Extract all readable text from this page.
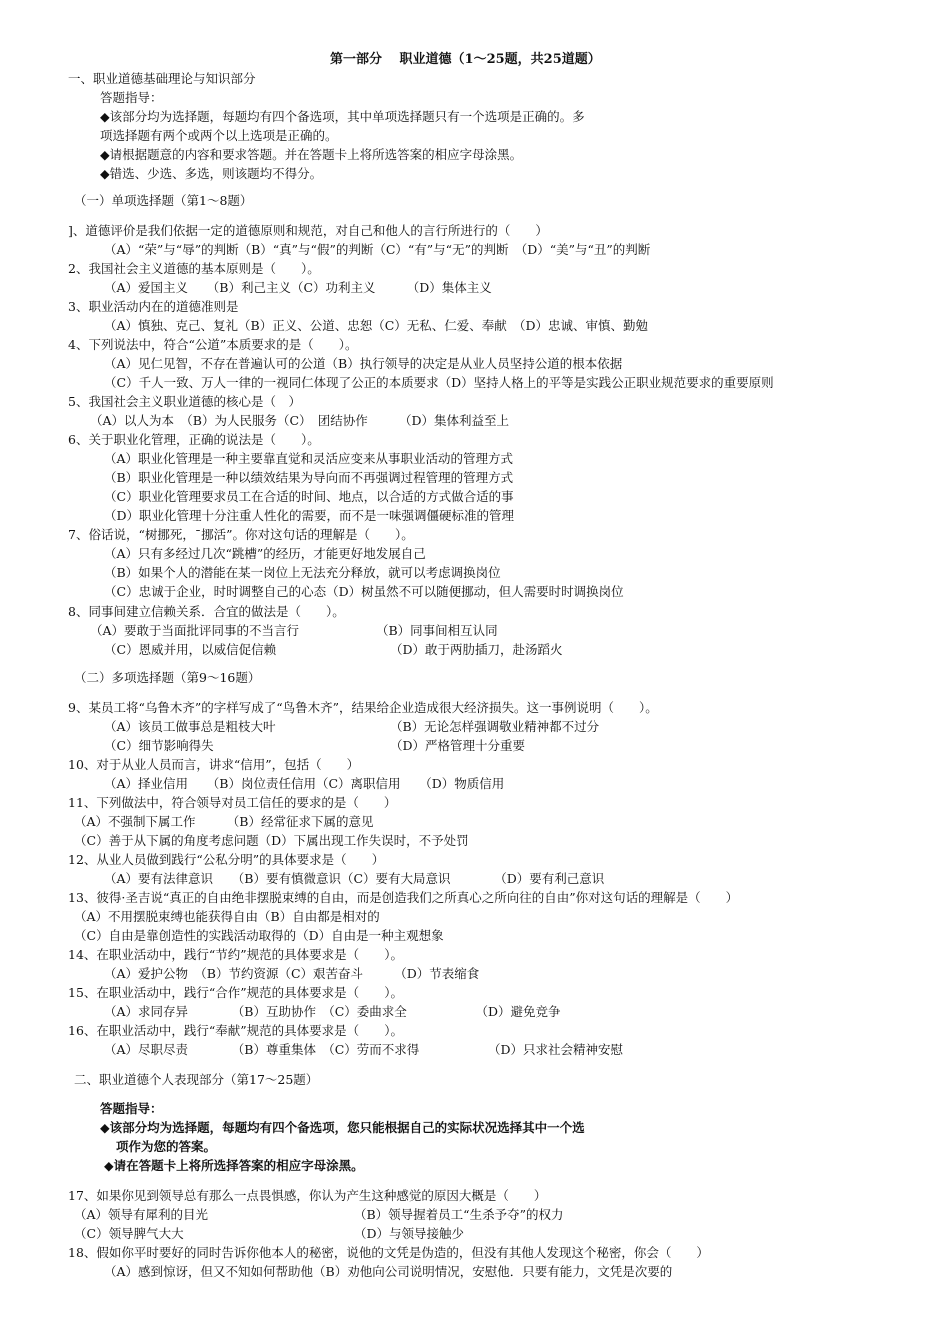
第一部分　 职业道德（1～25题，共25道题）
一、职业道德基础理论与知识部分
答题指导：
◆该部分均为选择题，每题均有四个备选项，其中单项选择题只有一个选项是正确的。多
项选择题有两个或两个以上选项是正确的。
◆请根据题意的内容和要求答题。并在答题卡上将所选答案的相应字母涂黑。
◆错选、少选、多选，则该题均不得分。
（一）单项选择题（第1～8题）
]、道德评价是我们依据一定的道德原则和规范，对自己和他人的言行所进行的（　　）
（A）“荣”与“辱”的判断（B）“真”与“假”的判断（C）“有”与“无”的判断　（D）“美”与“丑”的判断
2、我国社会主义道德的基本原则是（　　）。
（A）爱国主义　　（B）利己主义（C）功利主义　　　（D）集体主义
3、职业活动内在的道德准则是
（A）慎独、克己、复礼（B）正义、公道、忠恕（C）无私、仁爱、奉献　（D）忠诚、审慎、勤勉
4、下列说法中，符合“公道”本质要求的是（　　）。
（A）见仁见智，不存在普遍认可的公道（B）执行领导的决定是从业人员坚持公道的根本依据
（C）千人一致、万人一律的一视同仁体现了公正的本质要求（D）坚持人格上的平等是实践公正职业规范要求的重要原则
5、我国社会主义职业道德的核心是（　）
（A）以人为本　（B）为人民服务（C）　团结协作　　　（D）集体利益至上
6、关于职业化管理，正确的说法是（　　）。
（A）职业化管理是一种主要靠直觉和灵活应变来从事职业活动的管理方式
（B）职业化管理是一种以绩效结果为导向而不再强调过程管理的管理方式
（C）职业化管理要求员工在合适的时间、地点，以合适的方式做合适的事
（D）职业化管理十分注重人性化的需要，而不是一味强调僵硬标准的管理
7、俗话说，“树挪死，ˉ挪活”。你对这句话的理解是（　　）。
（A）只有多经过几次“跳槽”的经历，才能更好地发展自己
（B）如果个人的潜能在某一岗位上无法充分释放，就可以考虑调换岗位
（C）忠诚于企业，时时调整自己的心态（D）树虽然不可以随便挪动，但人需要时时调换岗位
8、同事间建立信赖关系．合宜的做法是（　　）。
（A）要敢于当面批评同事的不当言行	（B）同事间相互认同
（C）恩威并用，以威信促信赖	（D）敢于两肋插刀，赴汤蹈火
（二）多项选择题（第9～16题）
9、某员工将“乌鲁木齐”的字样写成了“鸟鲁木齐”，结果给企业造成很大经济损失。这一事例说明（　　）。
（A）该员工做事总是粗枝大叶	（B）无论怎样强调敬业精神都不过分
（C）细节影响得失	（D）严格管理十分重要
10、对于从业人员而言，讲求“信用”，包括（　　）
（A）择业信用　　（B）岗位责任信用（C）离职信用　　（D）物质信用
11、下列做法中，符合领导对员工信任的要求的是（　　）
（A）不强制下属工作　　　（B）经常征求下属的意见
（C）善于从下属的角度考虑问题（D）下属出现工作失误时，不予处罚
12、从业人员做到践行“公私分明”的具体要求是（　　）
（A）要有法律意识　　（B）要有慎微意识（C）要有大局意识　　　　（D）要有利己意识
13、彼得·圣吉说“真正的自由绝非摆脱束缚的自由，而是创造我们之所真心之所向往的自由”你对这句话的理解是（　　）
（A）不用摆脱束缚也能获得自由（B）自由都是相对的
（C）自由是靠创造性的实践活动取得的（D）自由是一种主观想象
14、在职业活动中，践行“节约”规范的具体要求是（　　）。
（A）爱护公物　（B）节约资源（C）艰苦奋斗　　　（D）节表缩食
15、在职业活动中，践行“合作”规范的具体要求是（　　）。
（A）求同存异　　　　（B）互助协作　（C）委曲求全　　　　　　（D）避免竞争
16、在职业活动中，践行“奉献”规范的具体要求是（　　）。
（A）尽职尽责　　　　（B）尊重集体　（C）劳而不求得　　　　　　（D）只求社会精神安慰
二、职业道德个人表现部分（第17～25题）
答题指导：
◆该部分均为选择题，每题均有四个备选项，您只能根据自己的实际状况选择其中一个选
项作为您的答案。
◆请在答题卡上将所选择答案的相应字母涂黑。
17、如果你见到领导总有那么一点畏惧感，你认为产生这种感觉的原因大概是（　　）
（A）领导有犀利的目光	（B）领导握着员工“生杀予夺”的权力
（C）领导脾气大大	（D）与领导接触少
18、假如你平时要好的同时告诉你他本人的秘密，说他的文凭是伪造的，但没有其他人发现这个秘密，你会（　　）
（A）感到惊讶，但又不知如何帮助他（B）劝他向公司说明情况，安慰他．只要有能力，文凭是次要的
